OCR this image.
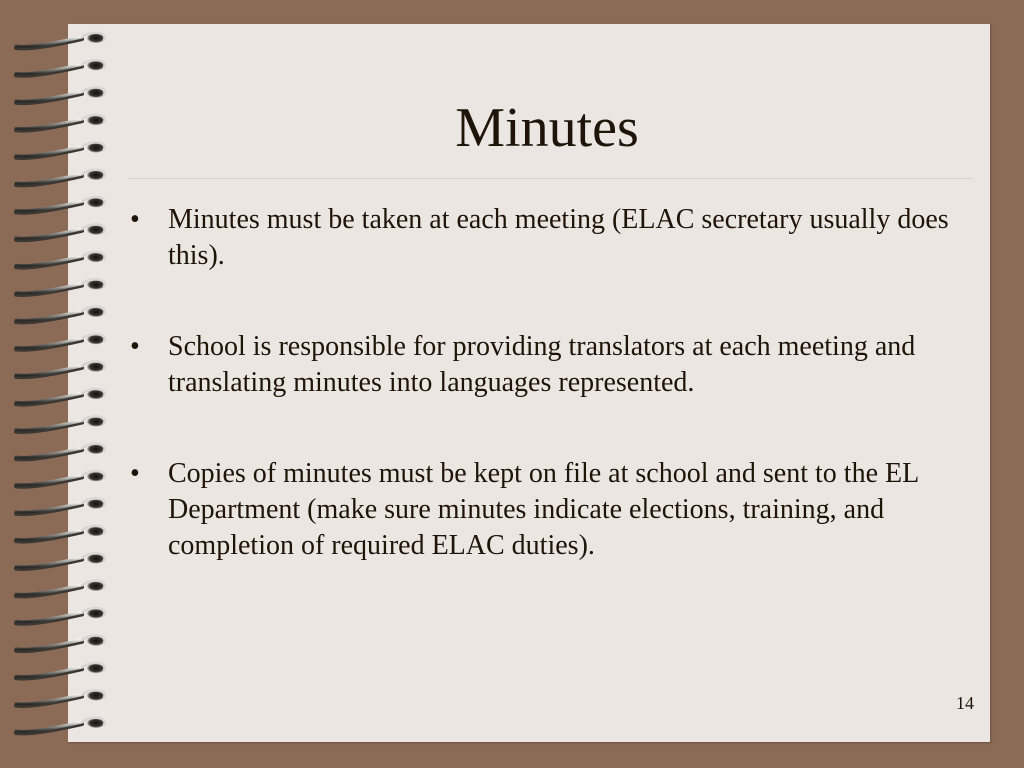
Minutes
• Minutes must be taken at each meeting (ELAC secretary usually does this).
• School is responsible for providing translators at each meeting and translating minutes into languages represented.
• Copies of minutes must be kept on file at school and sent to the EL Department (make sure minutes indicate elections, training, and completion of required ELAC duties).
14
